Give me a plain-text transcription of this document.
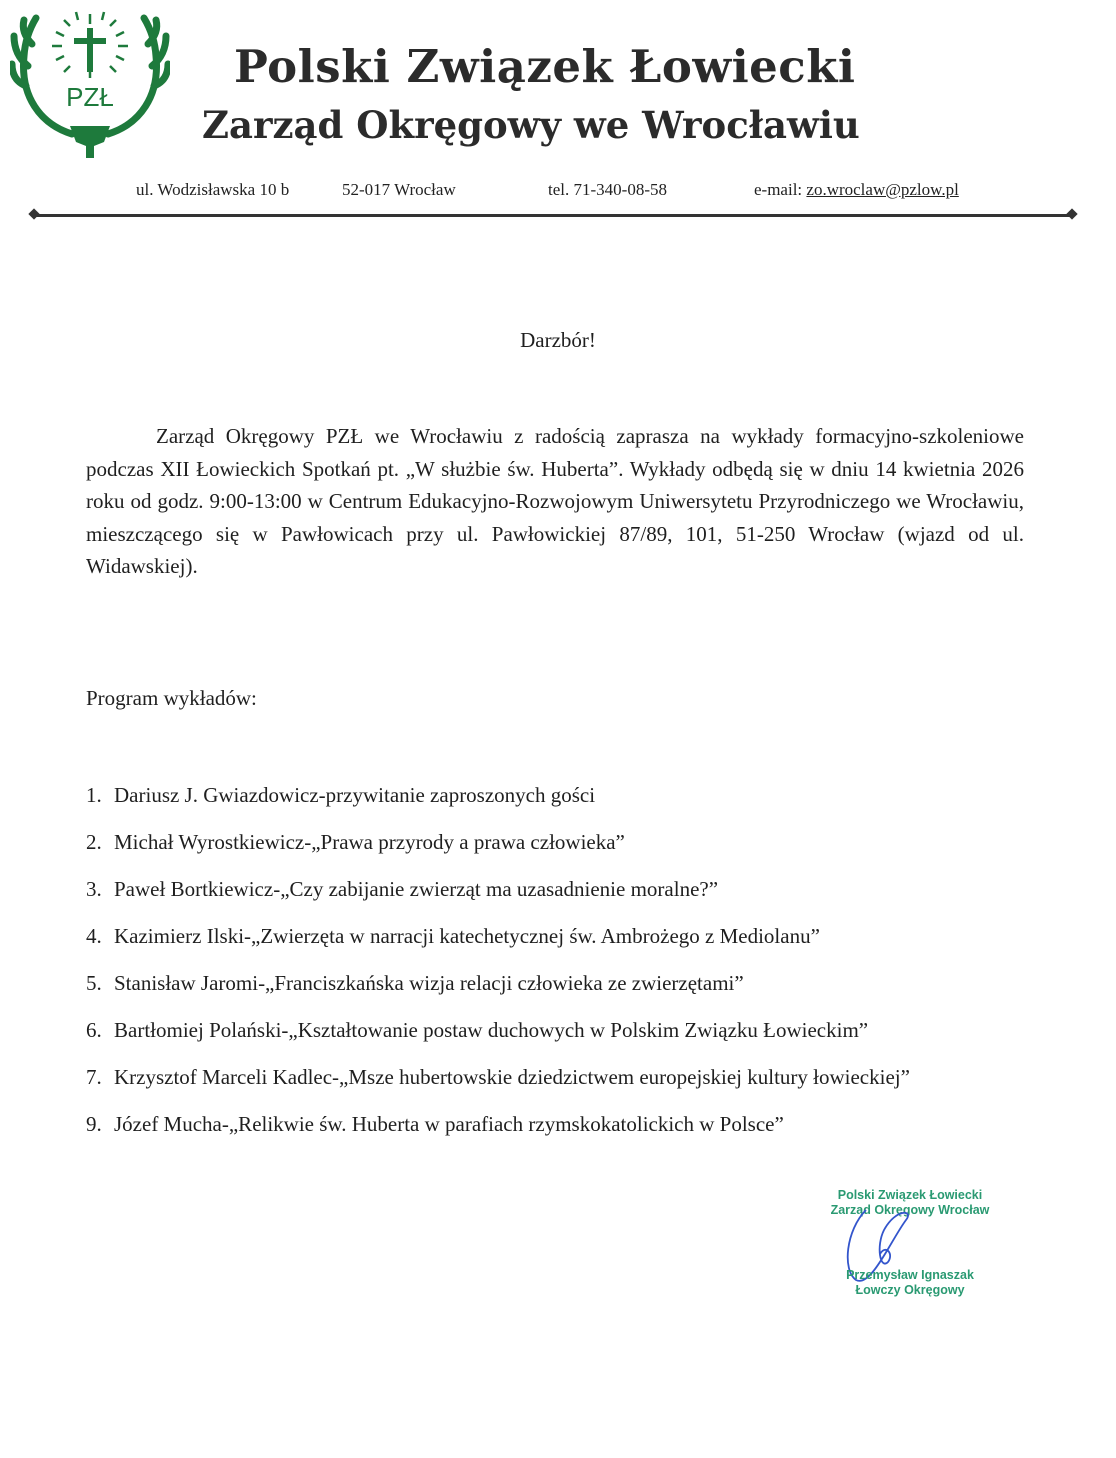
PZŁ
Polski Związek Łowiecki
Zarząd Okręgowy we Wrocławiu
ul. Wodzisławska 10 b	52-017 Wrocław	tel. 71-340-08-58	e-mail: zo.wroclaw@pzlow.pl
Darzbór!
Zarząd Okręgowy PZŁ we Wrocławiu z radością zaprasza na wykłady formacyjno-szkoleniowe podczas XII Łowieckich Spotkań pt. „W służbie św. Huberta”. Wykłady odbędą się w dniu 14 kwietnia 2026 roku od godz. 9:00-13:00 w Centrum Edukacyjno-Rozwojowym Uniwersytetu Przyrodniczego we Wrocławiu, mieszczącego się w Pawłowicach przy ul. Pawłowickiej 87/89, 101, 51-250 Wrocław (wjazd od ul. Widawskiej).
Program wykładów:
1. Dariusz J. Gwiazdowicz-przywitanie zaproszonych gości
2. Michał Wyrostkiewicz-„Prawa przyrody a prawa człowieka”
3. Paweł Bortkiewicz-„Czy zabijanie zwierząt ma uzasadnienie moralne?”
4. Kazimierz Ilski-„Zwierzęta w narracji katechetycznej św. Ambrożego z Mediolanu”
5. Stanisław Jaromi-„Franciszkańska wizja relacji człowieka ze zwierzętami”
6. Bartłomiej Polański-„Kształtowanie postaw duchowych w Polskim Związku Łowieckim”
7. Krzysztof Marceli Kadlec-„Msze hubertowskie dziedzictwem europejskiej kultury łowieckiej”
9. Józef Mucha-„Relikwie św. Huberta w parafiach rzymskokatolickich w Polsce”
Polski Związek Łowiecki
Zarząd Okręgowy Wrocław
Przemysław Ignaszak
Łowczy Okręgowy
